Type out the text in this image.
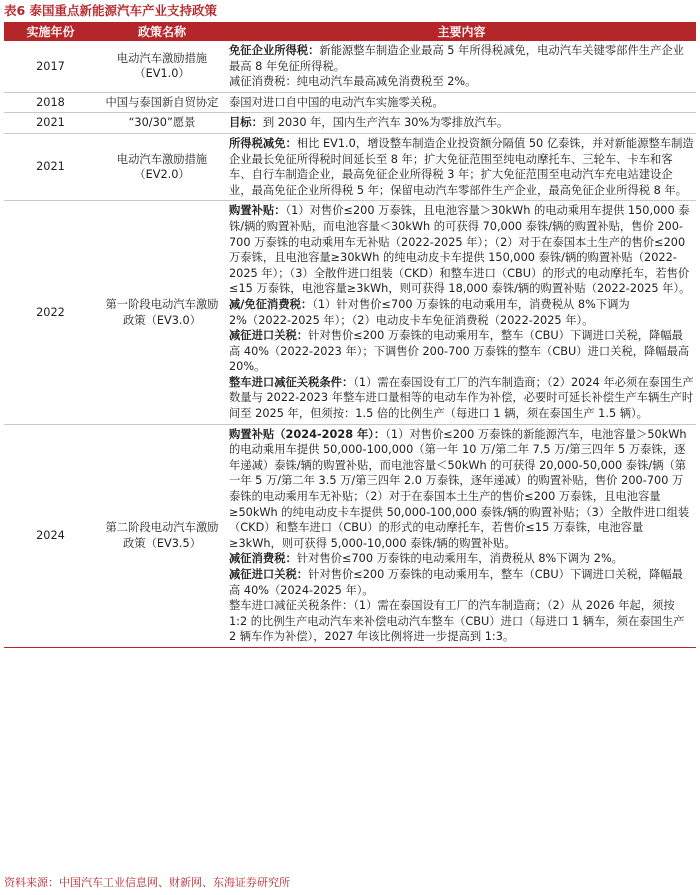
表6 泰国重点新能源汽车产业支持政策
实施年份	政策名称	主要内容
2017	电动汽车激励措施（EV1.0）	免征企业所得税：新能源整车制造企业最高 5 年所得税减免，电动汽车关键零部件生产企业最高 8 年免征所得税。

减征消费税：纯电动汽车最高减免消费税至 2%。

2018	中国与泰国新自贸协定	泰国对进口自中国的电动汽车实施零关税。

2021	“30/30”愿景	目标：到 2030 年，国内生产汽车 30%为零排放汽车。

2021	电动汽车激励措施（EV2.0）	所得税减免：相比 EV1.0，增设整车制造企业投资额分隔值 50 亿泰铢，并对新能源整车制造企业最长免征所得税时间延长至 8 年；扩大免征范围至纯电动摩托车、三轮车、卡车和客车、自行车制造企业，最高免征企业所得税 3 年；扩大免征范围至电动汽车充电站建设企业，最高免征企业所得税 5 年；保留电动汽车零部件生产企业，最高免征企业所得税 8 年。

2022	第一阶段电动汽车激励政策（EV3.0）	购置补贴：（1）对售价≤200 万泰铢，且电池容量＞30kWh 的电动乘用车提供 150,000 泰铢/辆的购置补贴，而电池容量＜30kWh 的可获得 70,000 泰铢/辆的购置补贴，售价 200-700 万泰铢的电动乘用车无补贴（2022-2025 年）；（2）对于在泰国本土生产的售价≤200 万泰铢，且电池容量≥30kWh 的纯电动皮卡车提供 150,000 泰铢/辆的购置补贴（2022-2025 年）；（3）全散件进口组装（CKD）和整车进口（CBU）的形式的电动摩托车，若售价≤15 万泰铢，电池容量≥3kWh，则可获得 18,000 泰铢/辆的购置补贴（2022-2025 年）。

减/免征消费税：（1）针对售价≤700 万泰铢的电动乘用车，消费税从 8%下调为 2%（2022-2025 年）；（2）电动皮卡车免征消费税（2022-2025 年）。

减征进口关税：针对售价≤200 万泰铢的电动乘用车，整车（CBU）下调进口关税，降幅最高 40%（2022-2023 年）；下调售价 200-700 万泰铢的整车（CBU）进口关税，降幅最高 20%。

整车进口减征关税条件：（1）需在泰国设有工厂的汽车制造商；（2）2024 年必须在泰国生产数量与 2022-2023 年整车进口量相等的电动车作为补偿，必要时可延长补偿生产车辆生产时间至 2025 年，但须按：1.5 倍的比例生产（每进口 1 辆，须在泰国生产 1.5 辆）。

2024	第二阶段电动汽车激励政策（EV3.5）	购置补贴（2024-2028 年）：（1）对售价≤200 万泰铢的新能源汽车，电池容量＞50kWh 的电动乘用车提供 50,000-100,000（第一年 10 万/第二年 7.5 万/第三四年 5 万泰铢，逐年递减）泰铢/辆的购置补贴，而电池容量＜50kWh 的可获得 20,000-50,000 泰铢/辆（第一年 5 万/第二年 3.5 万/第三四年 2.0 万泰铢，逐年递减）的购置补贴，售价 200-700 万泰铢的电动乘用车无补贴；（2）对于在泰国本土生产的售价≤200 万泰铢，且电池容量≥50kWh 的纯电动皮卡车提供 50,000-100,000 泰铢/辆的购置补贴；（3）全散件进口组装（CKD）和整车进口（CBU）的形式的电动摩托车，若售价≤15 万泰铢，电池容量≥3kWh，则可获得 5,000-10,000 泰铢/辆的购置补贴。

减征消费税：针对售价≤700 万泰铢的电动乘用车，消费税从 8%下调为 2%。

减征进口关税：针对售价≤200 万泰铢的电动乘用车，整车（CBU）下调进口关税，降幅最高 40%（2024-2025 年）。

整车进口减征关税条件：（1）需在泰国设有工厂的汽车制造商；（2）从 2026 年起，须按 1:2 的比例生产电动汽车来补偿电动汽车整车（CBU）进口（每进口 1 辆车，须在泰国生产 2 辆车作为补偿），2027 年该比例将进一步提高到 1:3。

资料来源：中国汽车工业信息网、财新网、东海证券研究所
